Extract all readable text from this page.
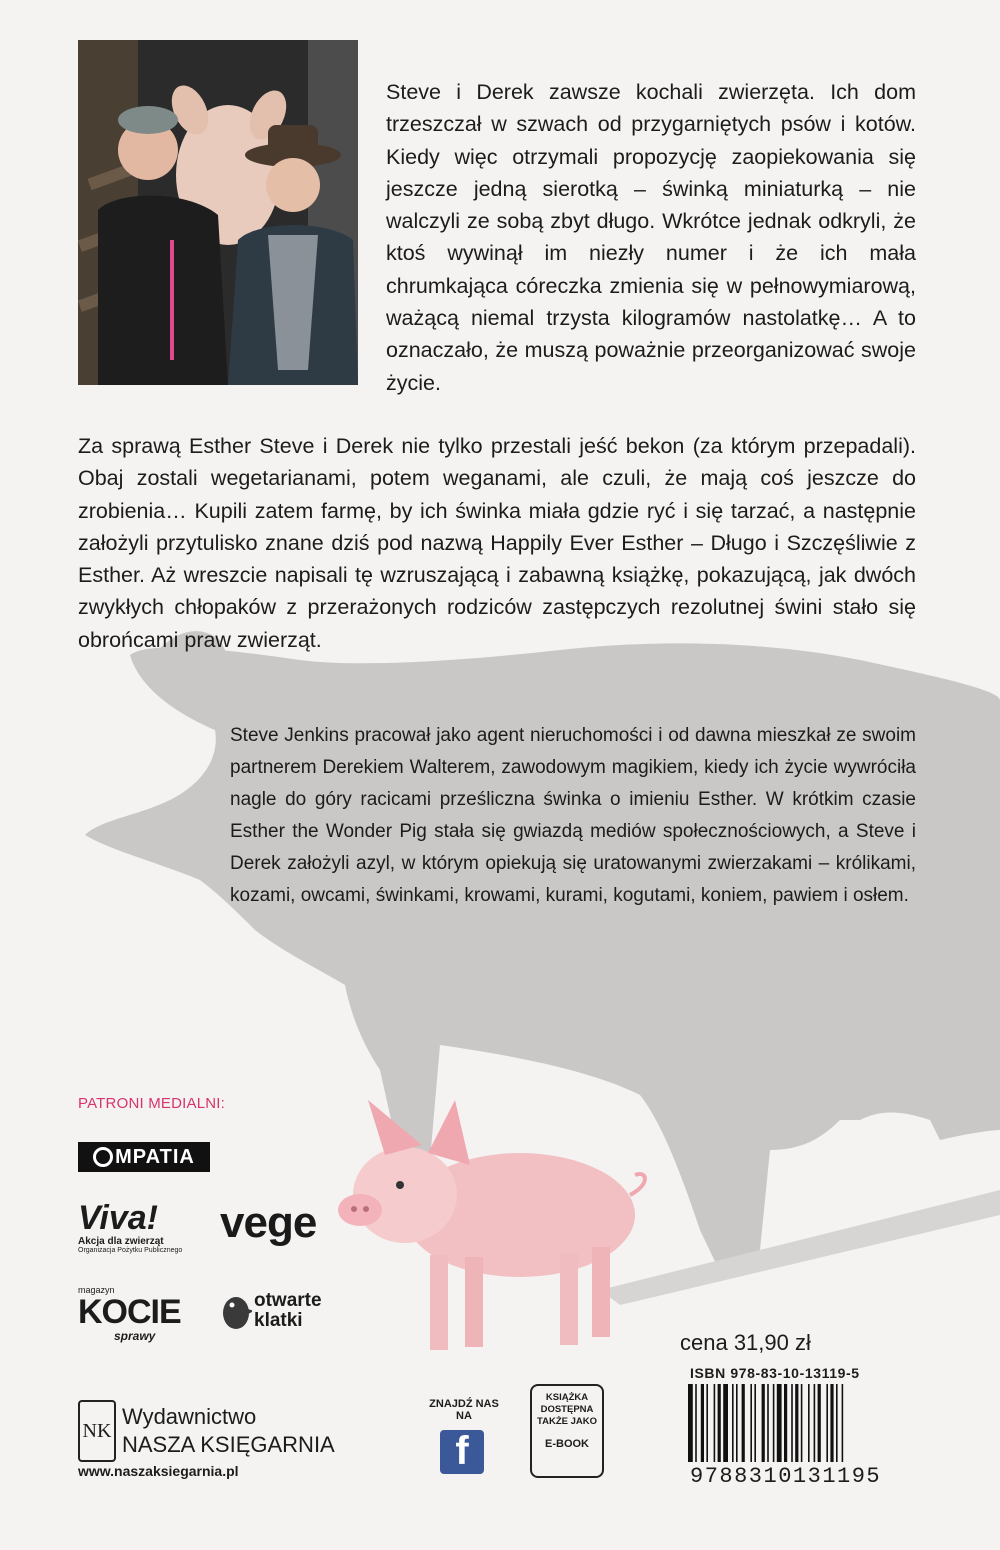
Steve i Derek zawsze kochali zwierzęta. Ich dom trzeszczał w szwach od przygarniętych psów i kotów. Kiedy więc otrzymali propozycję zaopiekowania się jeszcze jedną sierotką – świnką miniaturką – nie walczyli ze sobą zbyt długo. Wkrótce jednak odkryli, że ktoś wywinął im niezły numer i że ich mała chrumkająca córeczka zmienia się w pełnowymiarową, ważącą niemal trzysta kilogramów nastolatkę… A to oznaczało, że muszą poważnie przeorganizować swoje życie.

Za sprawą Esther Steve i Derek nie tylko przestali jeść bekon (za którym przepadali). Obaj zostali wegetarianami, potem weganami, ale czuli, że mają coś jeszcze do zrobienia… Kupili zatem farmę, by ich świnka miała gdzie ryć i się tarzać, a następnie założyli przytulisko znane dziś pod nazwą Happily Ever Esther – Długo i Szczęśliwie z Esther. Aż wreszcie napisali tę wzruszającą i zabawną książkę, pokazującą, jak dwóch zwykłych chłopaków z przerażonych rodziców zastępczych rezolutnej świni stało się obrońcami praw zwierząt.

Steve Jenkins pracował jako agent nieruchomości i od dawna mieszkał ze swoim partnerem Derekiem Walterem, zawodowym magikiem, kiedy ich życie wywróciła nagle do góry racicami prześliczna świnka o imieniu Esther. W krótkim czasie Esther the Wonder Pig stała się gwiazdą mediów społecznościowych, a Steve i Derek założyli azyl, w którym opiekują się uratowanymi zwierzakami – królikami, kozami, owcami, świnkami, krowami, kurami, kogutami, koniem, pawiem i osłem.

PATRONI MEDIALNI:
MPATIA
Viva!
Akcja dla zwierząt
Organizacja Pożytku Publicznego
vege
magazyn
KOCIE
sprawy
otwarte
klatki
NK
Wydawnictwo
NASZA KSIĘGARNIA
www.naszaksiegarnia.pl
ZNAJDŹ NAS NA
f
KSIĄŻKA DOSTĘPNA TAKŻE JAKO
E-BOOK
cena 31,90 zł
ISBN 978-83-10-13119-5
9788310131195
